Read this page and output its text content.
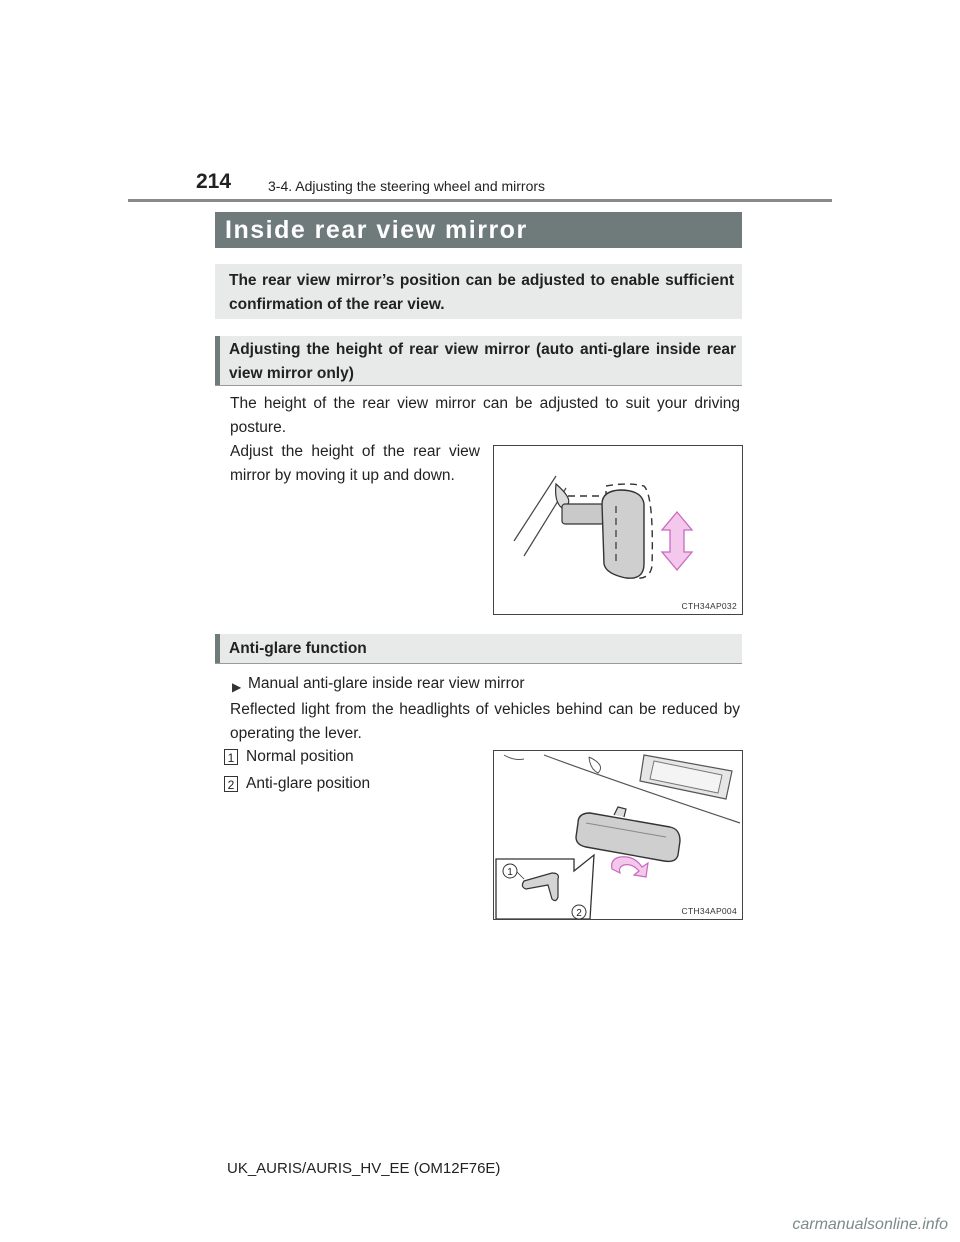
214	3-4. Adjusting the steering wheel and mirrors
Inside rear view mirror
The rear view mirror’s position can be adjusted to enable sufficient confirmation of the rear view.
Adjusting the height of rear view mirror (auto anti-glare inside rear view mirror only)
The height of the rear view mirror can be adjusted to suit your driving posture.
Adjust the height of the rear view mirror by moving it up and down.
CTH34AP032
Anti-glare function
▶ Manual anti-glare inside rear view mirror
Reflected light from the headlights of vehicles behind can be reduced by operating the lever.
1 Normal position
2 Anti-glare position
1
2	CTH34AP004
UK_AURIS/AURIS_HV_EE (OM12F76E)
carmanualsonline.info
